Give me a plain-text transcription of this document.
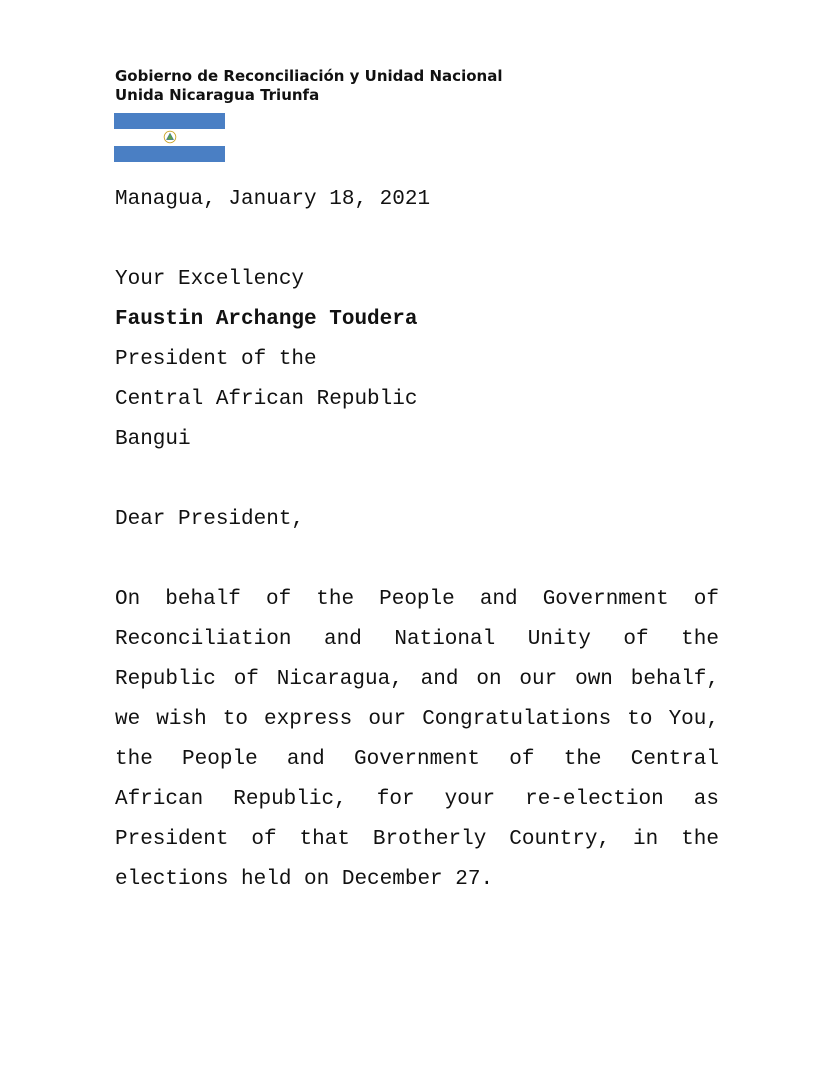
Gobierno de Reconciliación y Unidad Nacional
Unida Nicaragua Triunfa

Managua, January 18, 2021

Your Excellency

Faustin Archange Toudera

President of the

Central African Republic

Bangui

Dear President,

On behalf of the People and Government of Reconciliation and National Unity of the Republic of Nicaragua, and on our own behalf, we wish to express our Congratulations to You, the People and Government of the Central African Republic, for your re-election as President of that Brotherly Country, in the elections held on December 27.
